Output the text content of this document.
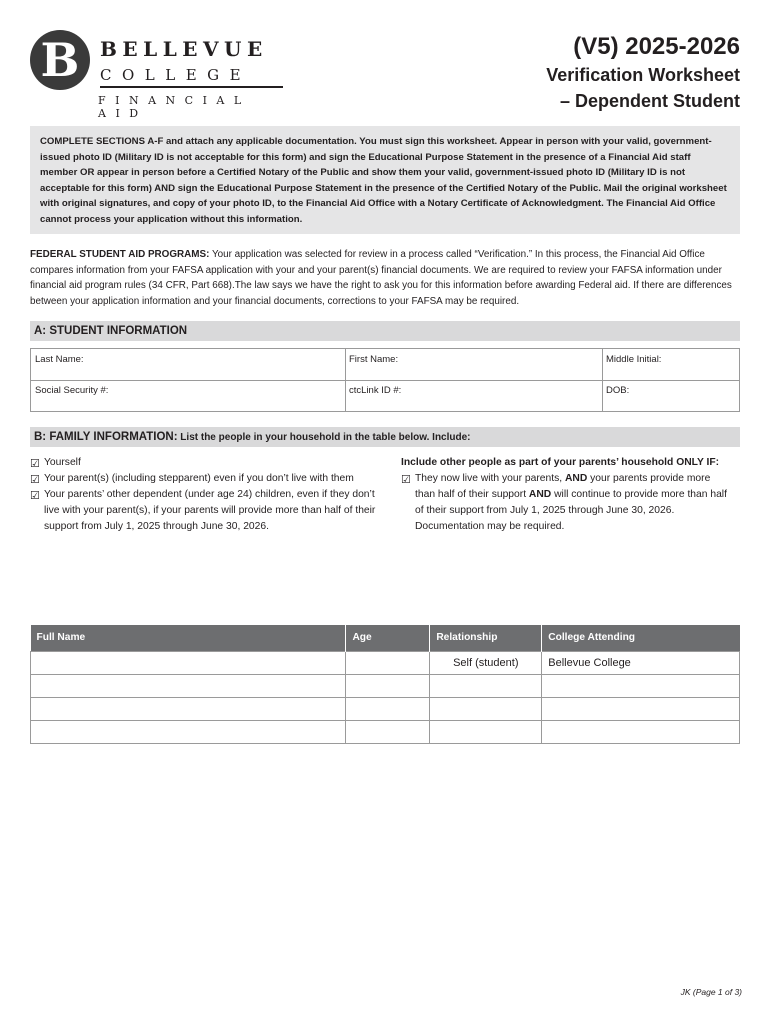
B	BELLEVUE
COLLEGE
FINANCIAL AID
(V5) 2025-2026
Verification Worksheet
– Dependent Student
COMPLETE SECTIONS A-F and attach any applicable documentation. You must sign this worksheet. Appear in person with your valid, government-issued photo ID (Military ID is not acceptable for this form) and sign the Educational Purpose Statement in the presence of a Financial Aid staff member OR appear in person before a Certified Notary of the Public and show them your valid, government-issued photo ID (Military ID is not acceptable for this form) AND sign the Educational Purpose Statement in the presence of the Certified Notary of the Public. Mail the original worksheet with original signatures, and copy of your photo ID, to the Financial Aid Office with a Notary Certificate of Acknowledgment. The Financial Aid Office cannot process your application without this information.
FEDERAL STUDENT AID PROGRAMS: Your application was selected for review in a process called “Verification.” In this process, the Financial Aid Office compares information from your FAFSA application with your and your parent(s) financial documents. We are required to review your FAFSA information under financial aid program rules (34 CFR, Part 668).The law says we have the right to ask you for this information before awarding Federal aid. If there are differences between your application information and your financial documents, corrections to your FAFSA may be required.
A: STUDENT INFORMATION
Last Name:	First Name:	Middle Initial:
Social Security #:	ctcLink ID #:	DOB:
B: FAMILY INFORMATION: List the people in your household in the table below. Include:
☑ Yourself
☑ Your parent(s) (including stepparent) even if you don’t live with them
☑ Your parents’ other dependent (under age 24) children, even if they don’t live with your parent(s), if your parents will provide more than half of their support from July 1, 2025 through June 30, 2026.
Include other people as part of your parents’ household ONLY IF:
☑ They now live with your parents, AND your parents provide more than half of their support AND will continue to provide more than half of their support from July 1, 2025 through June 30, 2026. Documentation may be required.
Full Name	Age	Relationship	College Attending
		Self (student)	Bellevue College

JK (Page 1 of 3)
